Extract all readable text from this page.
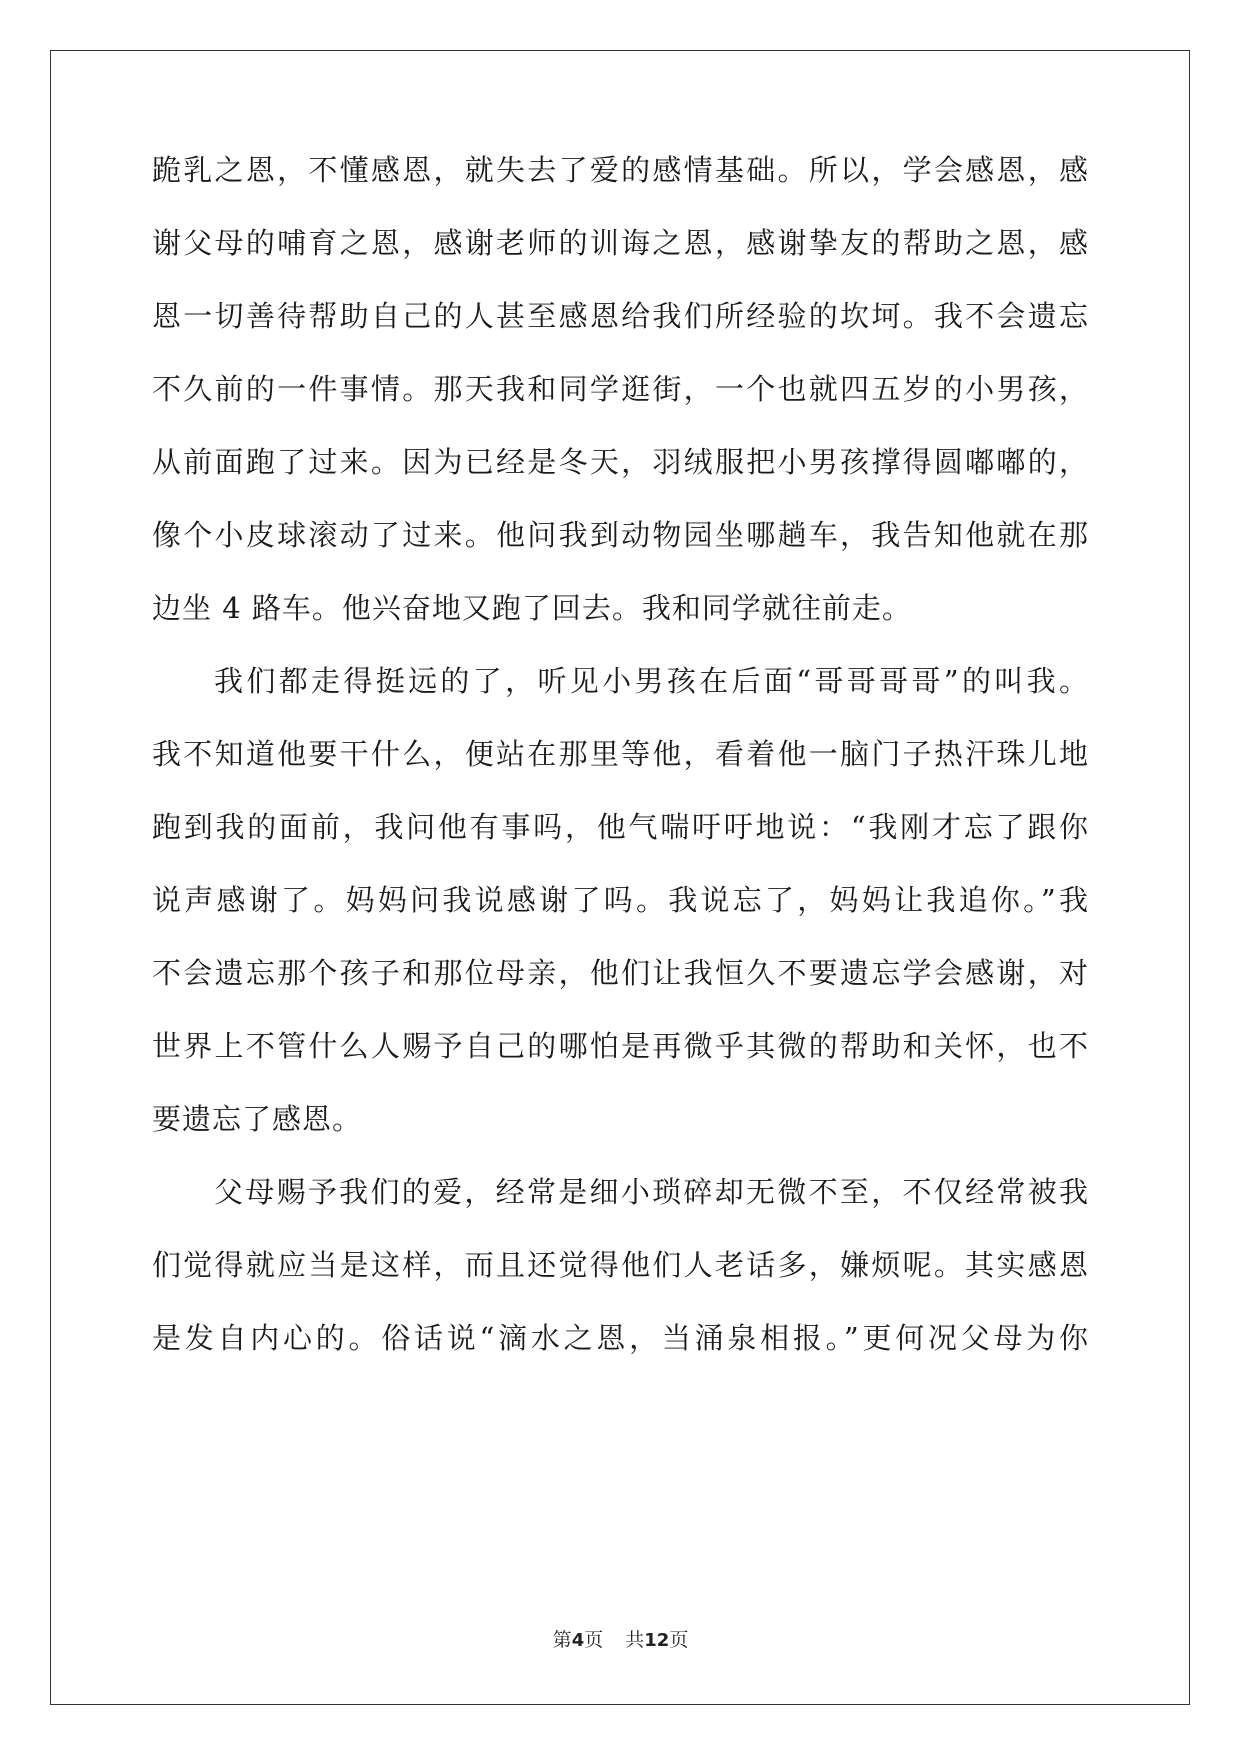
跪乳之恩，不懂感恩，就失去了爱的感情基础。所以，学会感恩，感
谢父母的哺育之恩，感谢老师的训诲之恩，感谢挚友的帮助之恩，感
恩一切善待帮助自己的人甚至感恩给我们所经验的坎坷。我不会遗忘
不久前的一件事情。那天我和同学逛街，一个也就四五岁的小男孩，
从前面跑了过来。因为已经是冬天，羽绒服把小男孩撑得圆嘟嘟的，
像个小皮球滚动了过来。他问我到动物园坐哪趟车，我告知他就在那
边坐 4 路车。他兴奋地又跑了回去。我和同学就往前走。
我们都走得挺远的了，听见小男孩在后面“哥哥哥哥”的叫我。
我不知道他要干什么，便站在那里等他，看着他一脑门子热汗珠儿地
跑到我的面前，我问他有事吗，他气喘吁吁地说：“我刚才忘了跟你
说声感谢了。妈妈问我说感谢了吗。我说忘了，妈妈让我追你。”我
不会遗忘那个孩子和那位母亲，他们让我恒久不要遗忘学会感谢，对
世界上不管什么人赐予自己的哪怕是再微乎其微的帮助和关怀，也不
要遗忘了感恩。
父母赐予我们的爱，经常是细小琐碎却无微不至，不仅经常被我
们觉得就应当是这样，而且还觉得他们人老话多，嫌烦呢。其实感恩
是发自内心的。俗话说“滴水之恩，当涌泉相报。”更何况父母为你
第4页 共12页
